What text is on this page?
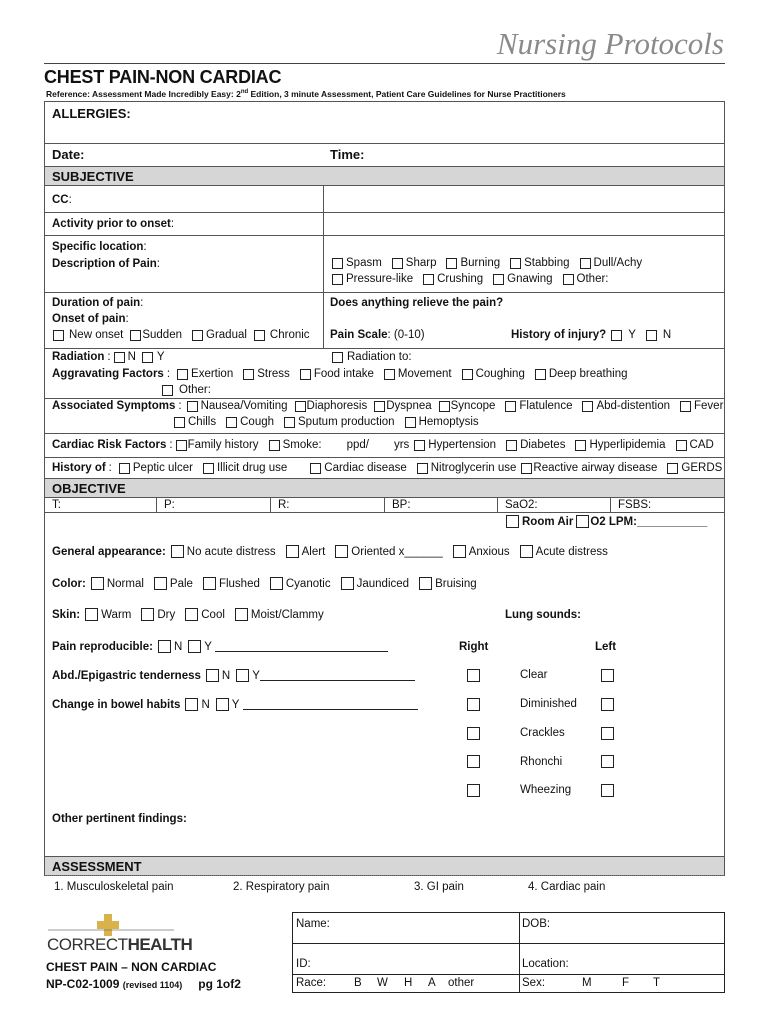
Nursing Protocols
CHEST PAIN-NON CARDIAC
Reference: Assessment Made Incredibly Easy: 2nd Edition, 3 minute Assessment, Patient Care Guidelines for Nurse Practitioners
ALLERGIES:
Date:	Time:
SUBJECTIVE
CC:
Activity prior to onset:
Specific location:
Description of Pain:	Spasm Sharp Burning Stabbing Dull/Achy
Pressure-like Crushing Gnawing Other:
Duration of pain:	Does anything relieve the pain?
Onset of pain:
New onset Sudden Gradual Chronic Pain Scale: (0-10)	History of injury? Y N
Radiation : N Y	Radiation to:
Aggravating Factors : Exertion Stress Food intake Movement Coughing Deep breathing
Other:
Associated Symptoms : Nausea/Vomiting Diaphoresis Dyspnea Syncope Flatulence Abd-distention Fever
Chills Cough Sputum production Hemoptysis
Cardiac Risk Factors : Family history Smoke: ppd/ yrs Hypertension Diabetes Hyperlipidemia CAD
History of : Peptic ulcer Illicit drug use	Cardiac disease Nitroglycerin use Reactive airway disease GERDS
OBJECTIVE
T:	P:	R:	BP:	SaO2:	FSBS:
Room Air O2 LPM:___________
General appearance: No acute distress Alert Oriented x______ Anxious Acute distress
Color: Normal Pale Flushed Cyanotic Jaundiced Bruising
Skin: Warm Dry Cool Moist/Clammy	Lung sounds:
Pain reproducible: N Y	Right	Left
Abd./Epigastric tenderness N Y
Change in bowel habits N Y
Clear
Diminished
Crackles
Rhonchi
Wheezing
Other pertinent findings:
ASSESSMENT
1. Musculoskeletal pain	2. Respiratory pain	3. GI pain	4. Cardiac pain
CORRECTHEALTH
CHEST PAIN – NON CARDIAC
NP-C02-1009 (revised 1104) pg 1of2
Name:	DOB:
ID:	Location:
Race: B W H A other	Sex:	M	F T
